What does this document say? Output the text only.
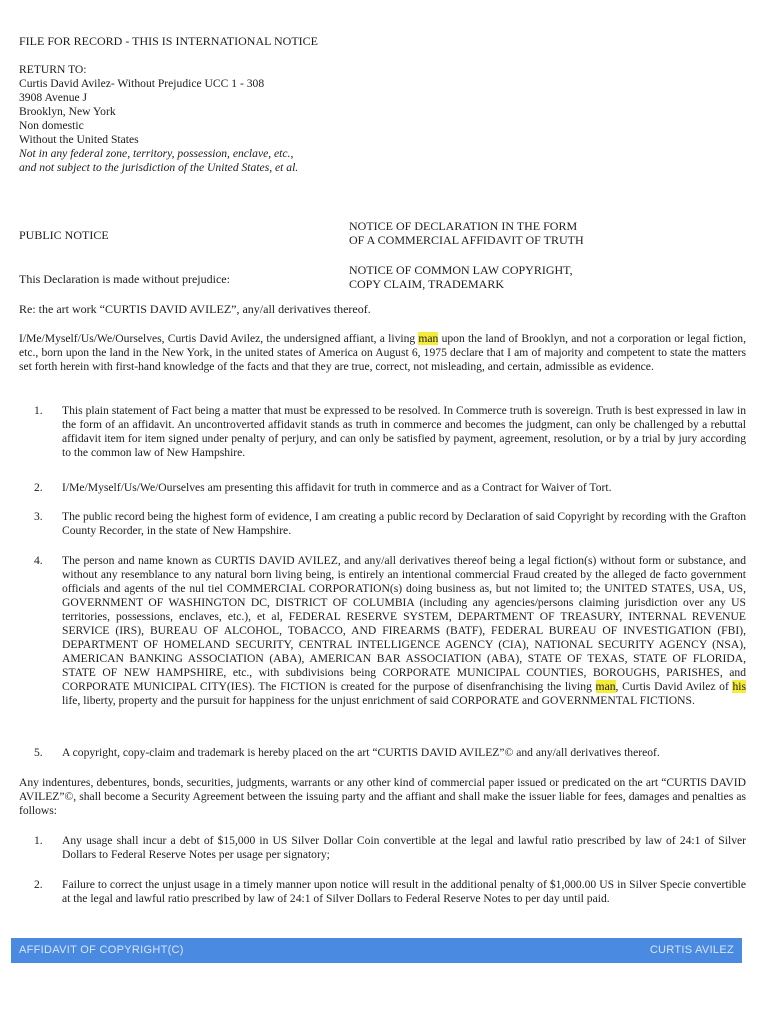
FILE FOR RECORD - THIS IS INTERNATIONAL NOTICE

RETURN TO:
Curtis David Avilez- Without Prejudice UCC 1 - 308
3908 Avenue J
Brooklyn, New York
Non domestic
Without the United States
Not in any federal zone, territory, possession, enclave, etc.,
and not subject to the jurisdiction of the United States, et al.

PUBLIC NOTICE

This Declaration is made without prejudice:

NOTICE OF DECLARATION IN THE FORM
OF A COMMERCIAL AFFIDAVIT OF TRUTH
NOTICE OF COMMON LAW COPYRIGHT,
COPY CLAIM, TRADEMARK

Re: the art work “CURTIS DAVID AVILEZ”, any/all derivatives thereof.

I/Me/Myself/Us/We/Ourselves, Curtis David Avilez, the undersigned affiant, a living man upon the land of Brooklyn, and not a corporation or legal fiction, etc., born upon the land in the New York, in the united states of America on August 6, 1975 declare that I am of majority and competent to state the matters set forth herein with first-hand knowledge of the facts and that they are true, correct, not misleading, and certain, admissible as evidence.

1.	This plain statement of Fact being a matter that must be expressed to be resolved. In Commerce truth is sovereign. Truth is best expressed in law in the form of an affidavit. An uncontroverted affidavit stands as truth in commerce and becomes the judgment, can only be challenged by a rebuttal affidavit item for item signed under penalty of perjury, and can only be satisfied by payment, agreement, resolution, or by a trial by jury according to the common law of New Hampshire.
2.	I/Me/Myself/Us/We/Ourselves am presenting this affidavit for truth in commerce and as a Contract for Waiver of Tort.
3.	The public record being the highest form of evidence, I am creating a public record by Declaration of said Copyright by recording with the Grafton County Recorder, in the state of New Hampshire.
4.	The person and name known as CURTIS DAVID AVILEZ, and any/all derivatives thereof being a legal fiction(s) without form or substance, and without any resemblance to any natural born living being, is entirely an intentional commercial Fraud created by the alleged de facto government officials and agents of the nul tiel COMMERCIAL CORPORATION(s) doing business as, but not limited to; the UNITED STATES, USA, US, GOVERNMENT OF WASHINGTON DC, DISTRICT OF COLUMBIA (including any agencies/persons claiming jurisdiction over any US territories, possessions, enclaves, etc.), et al, FEDERAL RESERVE SYSTEM, DEPARTMENT OF TREASURY, INTERNAL REVENUE SERVICE (IRS), BUREAU OF ALCOHOL, TOBACCO, AND FIREARMS (BATF), FEDERAL BUREAU OF INVESTIGATION (FBI), DEPARTMENT OF HOMELAND SECURITY, CENTRAL INTELLIGENCE AGENCY (CIA), NATIONAL SECURITY AGENCY (NSA), AMERICAN BANKING ASSOCIATION (ABA), AMERICAN BAR ASSOCIATION (ABA), STATE OF TEXAS, STATE OF FLORIDA, STATE OF NEW HAMPSHIRE, etc., with subdivisions being CORPORATE MUNICIPAL COUNTIES, BOROUGHS, PARISHES, and CORPORATE MUNICIPAL CITY(IES). The FICTION is created for the purpose of disenfranchising the living man, Curtis David Avilez of his life, liberty, property and the pursuit for happiness for the unjust enrichment of said CORPORATE and GOVERNMENTAL FICTIONS.
5.	A copyright, copy-claim and trademark is hereby placed on the art “CURTIS DAVID AVILEZ”© and any/all derivatives thereof.

Any indentures, debentures, bonds, securities, judgments, warrants or any other kind of commercial paper issued or predicated on the art “CURTIS DAVID AVILEZ”©, shall become a Security Agreement between the issuing party and the affiant and shall make the issuer liable for fees, damages and penalties as follows:

1.	Any usage shall incur a debt of $15,000 in US Silver Dollar Coin convertible at the legal and lawful ratio prescribed by law of 24:1 of Silver Dollars to Federal Reserve Notes per usage per signatory;
2.	Failure to correct the unjust usage in a timely manner upon notice will result in the additional penalty of $1,000.00 US in Silver Specie convertible at the legal and lawful ratio prescribed by law of 24:1 of Silver Dollars to Federal Reserve Notes to per day until paid.
AFFIDAVIT OF COPYRIGHT(C)	CURTIS AVILEZ
